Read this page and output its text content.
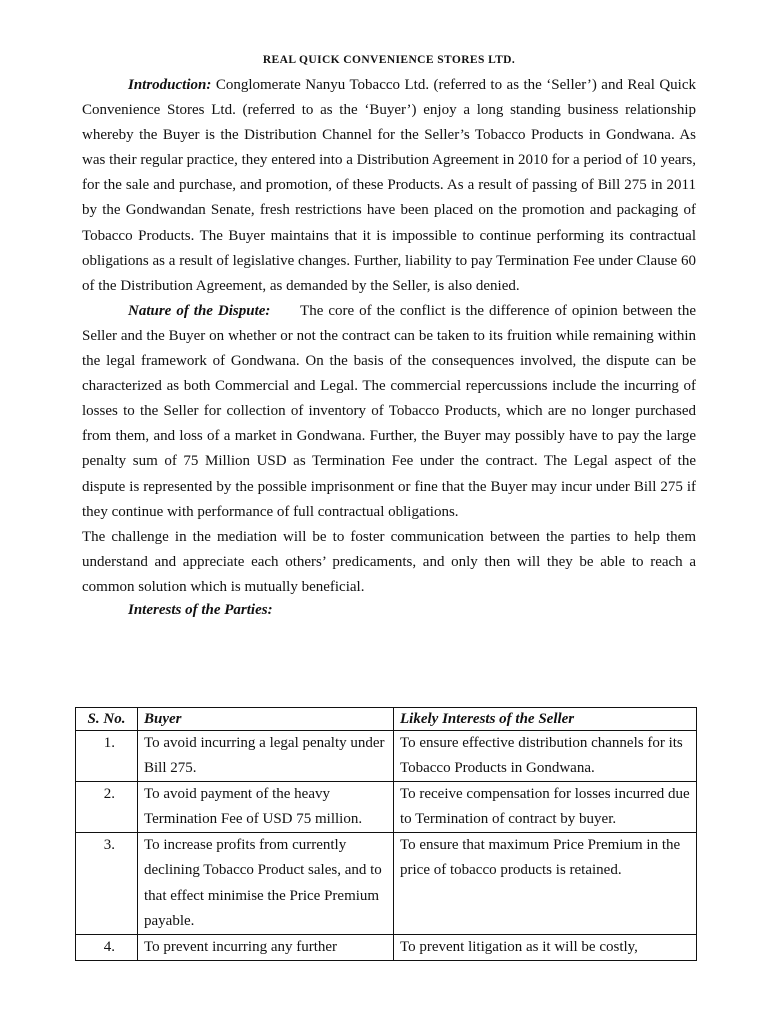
REAL QUICK CONVENIENCE STORES LTD.

Introduction: Conglomerate Nanyu Tobacco Ltd. (referred to as the ‘Seller’) and Real Quick Convenience Stores Ltd. (referred to as the ‘Buyer’) enjoy a long standing business relationship whereby the Buyer is the Distribution Channel for the Seller’s Tobacco Products in Gondwana. As was their regular practice, they entered into a Distribution Agreement in 2010 for a period of 10 years, for the sale and purchase, and promotion, of these Products. As a result of passing of Bill 275 in 2011 by the Gondwandan Senate, fresh restrictions have been placed on the promotion and packaging of Tobacco Products. The Buyer maintains that it is impossible to continue performing its contractual obligations as a result of legislative changes. Further, liability to pay Termination Fee under Clause 60 of the Distribution Agreement, as demanded by the Seller, is also denied.

Nature of the Dispute: The core of the conflict is the difference of opinion between the Seller and the Buyer on whether or not the contract can be taken to its fruition while remaining within the legal framework of Gondwana. On the basis of the consequences involved, the dispute can be characterized as both Commercial and Legal. The commercial repercussions include the incurring of losses to the Seller for collection of inventory of Tobacco Products, which are no longer purchased from them, and loss of a market in Gondwana. Further, the Buyer may possibly have to pay the large penalty sum of 75 Million USD as Termination Fee under the contract. The Legal aspect of the dispute is represented by the possible imprisonment or fine that the Buyer may incur under Bill 275 if they continue with performance of full contractual obligations.

The challenge in the mediation will be to foster communication between the parties to help them understand and appreciate each others’ predicaments, and only then will they be able to reach a common solution which is mutually beneficial.

Interests of the Parties:
S. No.	Buyer	Likely Interests of the Seller
1.	To avoid incurring a legal penalty under Bill 275.	To ensure effective distribution channels for its Tobacco Products in Gondwana.
2.	To avoid payment of the heavy Termination Fee of USD 75 million.	To receive compensation for losses incurred due to Termination of contract by buyer.
3.	To increase profits from currently declining Tobacco Product sales, and to that effect minimise the Price Premium payable.	To ensure that maximum Price Premium in the price of tobacco products is retained.
4.	To prevent incurring any further	To prevent litigation as it will be costly,
